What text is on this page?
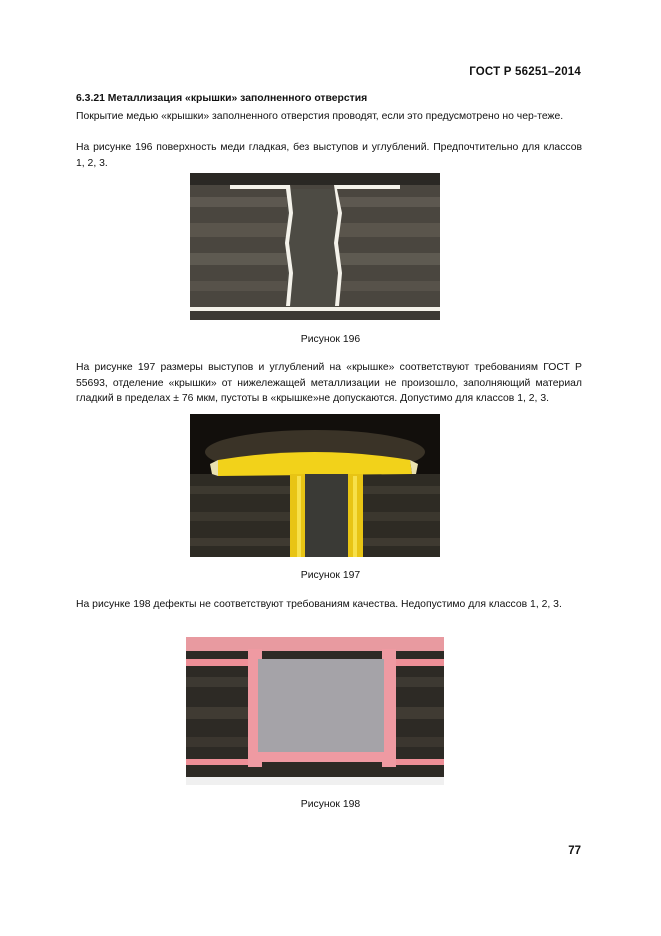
ГОСТ Р 56251–2014
6.3.21 Металлизация «крышки» заполненного отверстия
Покрытие медью «крышки» заполненного отверстия проводят, если это предусмотрено но чер-теже.
На рисунке 196 поверхность меди гладкая, без выступов и углублений. Предпочтительно для классов 1, 2, 3.
Рисунок 196
На рисунке 197 размеры выступов и углублений на «крышке» соответствуют требованиям ГОСТ Р 55693, отделение «крышки» от нижележащей металлизации не произошло, заполняющий материал гладкий в пределах ± 76 мкм, пустоты в «крышке»не допускаются. Допустимо для классов 1, 2, 3.
Рисунок 197
На рисунке 198 дефекты не соответствуют требованиям качества. Недопустимо для классов 1, 2, 3.
Рисунок 198
77
